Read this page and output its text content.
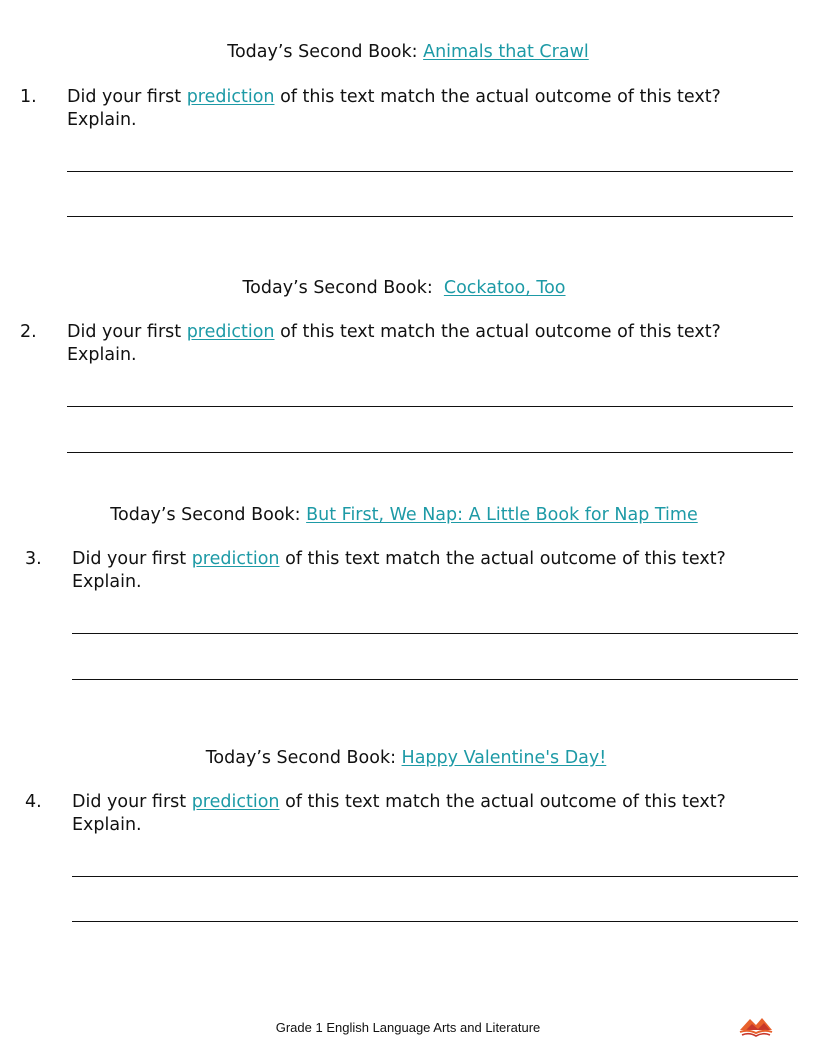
Today’s Second Book: Animals that Crawl
1. Did your first prediction of this text match the actual outcome of this text?
Explain.
Today’s Second Book:  Cockatoo, Too
2. Did your first prediction of this text match the actual outcome of this text?
Explain.
Today’s Second Book: But First, We Nap: A Little Book for Nap Time
3. Did your first prediction of this text match the actual outcome of this text?
Explain.
Today’s Second Book: Happy Valentine's Day!
4. Did your first prediction of this text match the actual outcome of this text?
Explain.
Grade 1 English Language Arts and Literature
